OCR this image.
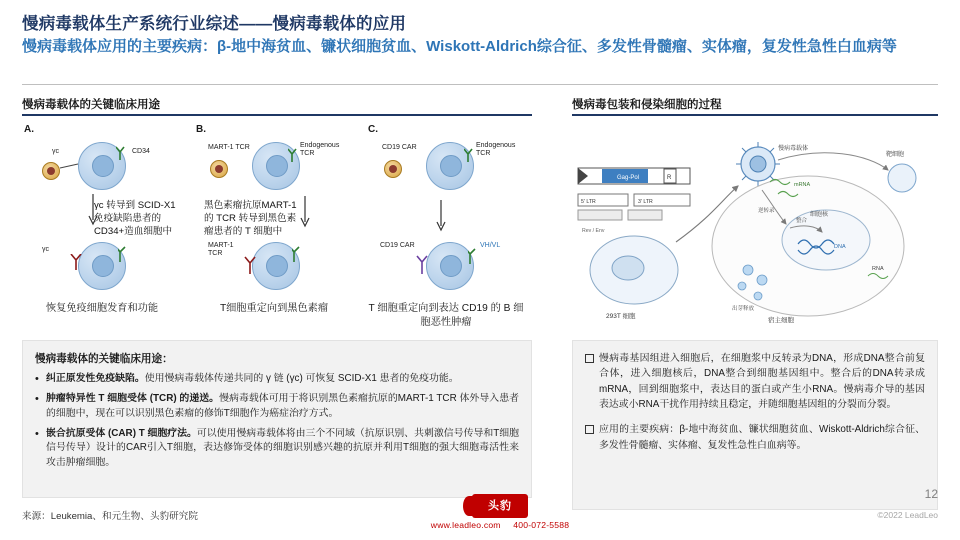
慢病毒载体生产系统行业综述——慢病毒载体的应用
慢病毒载体应用的主要疾病：β-地中海贫血、镰状细胞贫血、Wiskott-Aldrich综合征、多发性骨髓瘤、实体瘤，复发性急性白血病等
慢病毒载体的关键临床用途	慢病毒包装和侵染细胞的过程
A.
γc	CD34
γc 转导到 SCID-X1免疫缺陷患者的CD34+造血细胞中
γc
恢复免疫细胞发育和功能
B.
MART-1 TCR	Endogenous TCR
黑色素瘤抗原MART-1 的 TCR 转导到黑色素瘤患者的 T 细胞中
MART-1 TCR
T细胞重定向到黑色素瘤
C.
CD19 CAR	Endogenous TCR
CD19 CAR	VH/VL
T 细胞重定向到表达 CD19 的 B 细胞恶性肿瘤
慢病毒载体的关键临床用途：
• 纠正原发性免疫缺陷。使用慢病毒载体传递共同的 γ 链 (γc) 可恢复 SCID-X1 患者的免疫功能。
• 肿瘤特异性 T 细胞受体 (TCR) 的递送。慢病毒载体可用于将识别黑色素瘤抗原的MART-1 TCR 体外导入患者的细胞中，现在可以识别黑色素瘤的修饰T细胞作为癌症治疗方式。
• 嵌合抗原受体 (CAR) T 细胞疗法。可以使用慢病毒载体将由三个不同域（抗原识别、共刺激信号传导和T细胞信号传导）设计的CAR引入T细胞，表达修饰受体的细胞识别感兴趣的抗原并利用T细胞的强大细胞毒活性来攻击肿瘤细胞。
Gag-Pol	R
5' LTR	3' LTR
293T 细胞
慢病毒载体
宿主细胞
细胞核
DNA
逆转录
整合
mRNA
出芽释放
靶细胞
RNA
Rev / Env
慢病毒基因组进入细胞后，在细胞浆中反转录为DNA，形成DNA整合前复合体，进入细胞核后，DNA整合到细胞基因组中。整合后的DNA转录成mRNA，回到细胞浆中，表达目的蛋白或产生小RNA。慢病毒介导的基因表达或小RNA干扰作用持续且稳定，并随细胞基因组的分裂而分裂。
应用的主要疾病：β-地中海贫血、镰状细胞贫血、Wiskott-Aldrich综合征、多发性骨髓瘤、实体瘤、复发性急性白血病等。
来源：Leukemia、和元生物、头豹研究院
头豹
www.leadleo.com 400-072-5588
©2022 LeadLeo
12
